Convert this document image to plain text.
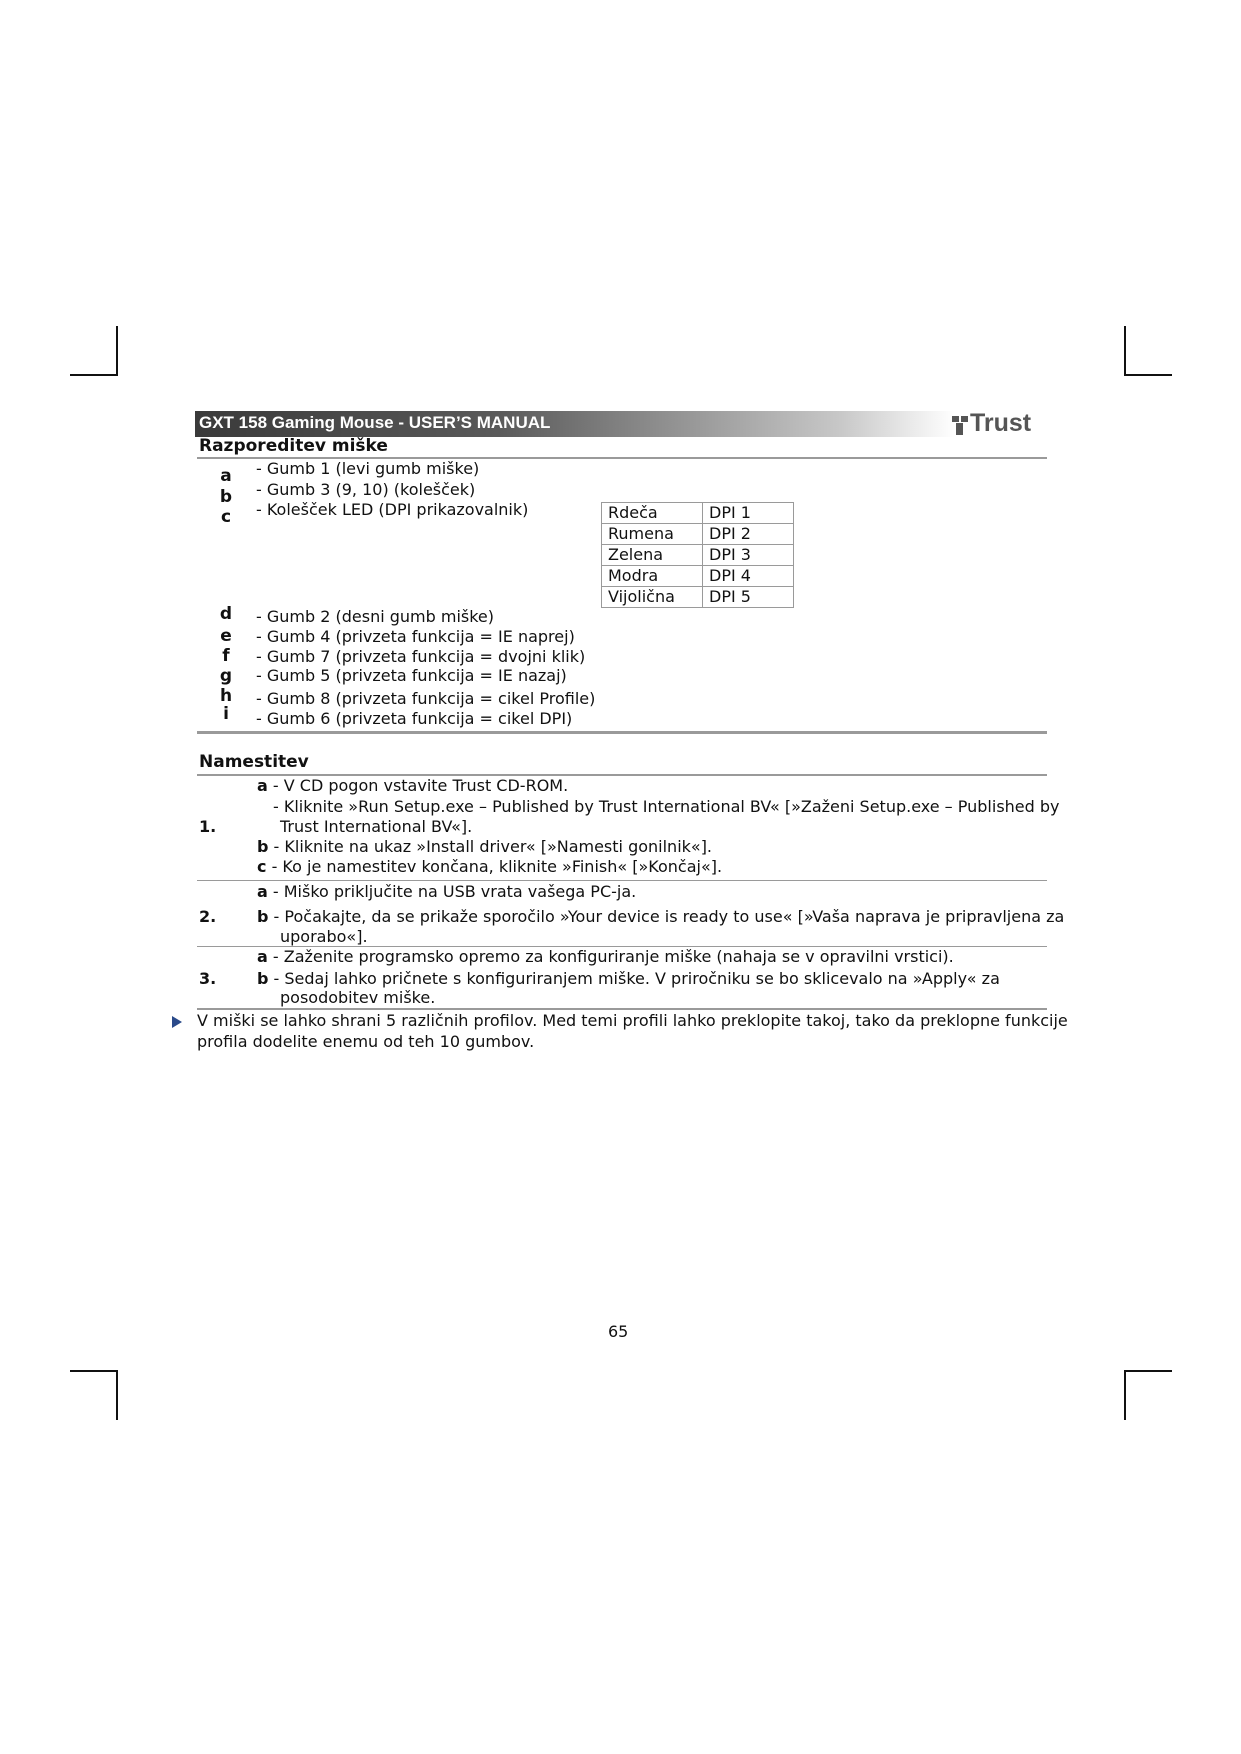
GXT 158 Gaming Mouse - USER’S MANUAL	Trust
Razporeditev miške
a - Gumb 1 (levi gumb miške)
b - Gumb 3 (9, 10) (kolešček)
c	- Kolešček LED (DPI prikazovalnik)	Rdeča	DPI 1
Rumena	DPI 2
Zelena	DPI 3
Modra	DPI 4
Vijolična	DPI 5
d - Gumb 2 (desni gumb miške)
e - Gumb 4 (privzeta funkcija = IE naprej)
f	- Gumb 7 (privzeta funkcija = dvojni klik)
g - Gumb 5 (privzeta funkcija = IE nazaj)
h - Gumb 8 (privzeta funkcija = cikel Profile)
i	- Gumb 6 (privzeta funkcija = cikel DPI)
Namestitev
1.
a - V CD pogon vstavite Trust CD-ROM.
- Kliknite »Run Setup.exe – Published by Trust International BV« [»Zaženi Setup.exe – Published by
Trust International BV«].
b - Kliknite na ukaz »Install driver« [»Namesti gonilnik«].
c - Ko je namestitev končana, kliknite »Finish« [»Končaj«].
2.
a - Miško priključite na USB vrata vašega PC-ja.
b - Počakajte, da se prikaže sporočilo »Your device is ready to use« [»Vaša naprava je pripravljena za
uporabo«].
3.
a - Zaženite programsko opremo za konfiguriranje miške (nahaja se v opravilni vrstici).
b - Sedaj lahko pričnete s konfiguriranjem miške. V priročniku se bo sklicevalo na »Apply« za
posodobitev miške.
V miški se lahko shrani 5 različnih profilov. Med temi profili lahko preklopite takoj, tako da preklopne funkcije
profila dodelite enemu od teh 10 gumbov.
65
